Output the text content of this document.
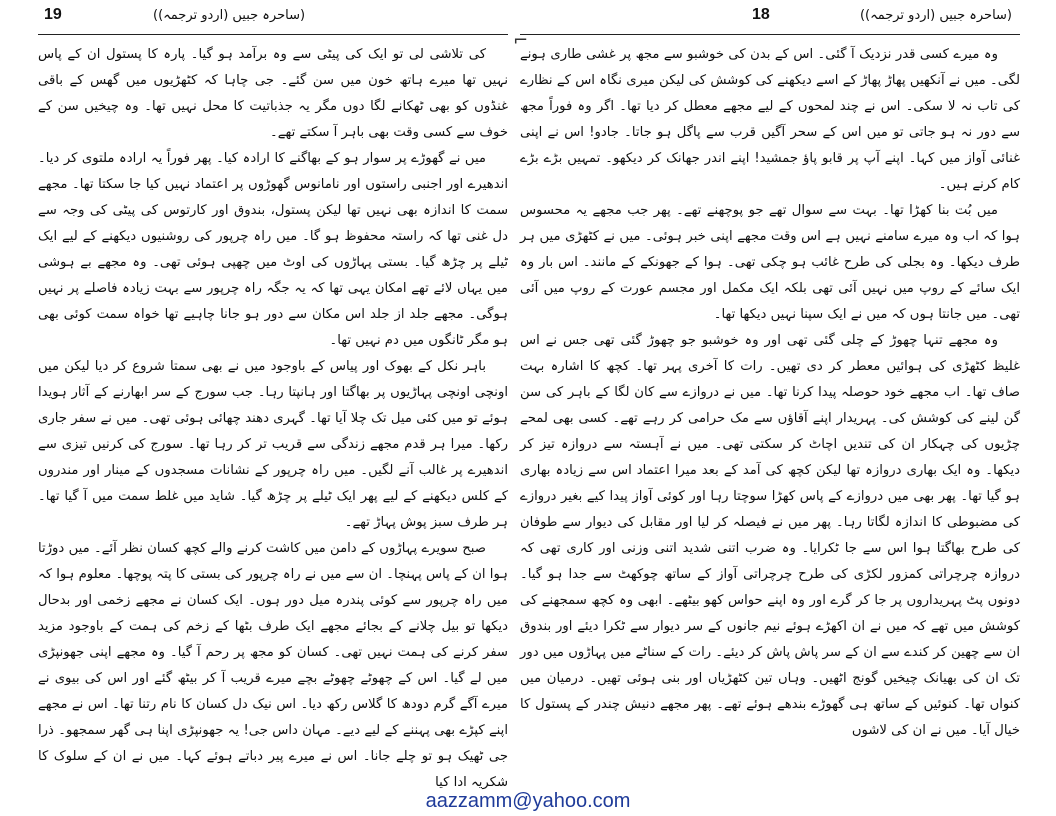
19	(ساحرہ جبیں (اردو ترجمہ))

کی تلاشی لی تو ایک کی پیٹی سے وہ برآمد ہو گیا۔ پارہ کا پستول ان کے پاس نہیں تھا میرے ہاتھ خون میں سن گئے۔ جی چاہا کہ کٹھڑیوں میں گھس کے باقی غنڈوں کو بھی ٹھکانے لگا دوں مگر یہ جذباتیت کا محل نہیں تھا۔ وہ چیخیں سن کے خوف سے کسی وقت بھی باہر آ سکتے تھے۔

میں نے گھوڑے پر سوار ہو کے بھاگنے کا ارادہ کیا۔ پھر فوراً یہ ارادہ ملتوی کر دیا۔ اندھیرے اور اجنبی راستوں اور نامانوس گھوڑوں پر اعتماد نہیں کیا جا سکتا تھا۔ مجھے سمت کا اندازہ بھی نہیں تھا لیکن پستول، بندوق اور کارتوس کی پیٹی کی وجہ سے دل غنی تھا کہ راستہ محفوظ ہو گا۔ میں راہ چرپور کی روشنیوں دیکھنے کے لیے ایک ٹیلے پر چڑھ گیا۔ بستی پہاڑوں کی اوٹ میں چھپی ہوئی تھی۔ وہ مجھے بے ہوشی میں یہاں لائے تھے امکان یہی تھا کہ یہ جگہ راہ چرپور سے بہت زیادہ فاصلے پر نہیں ہوگی۔ مجھے جلد از جلد اس مکان سے دور ہو جانا چاہیے تھا خواہ سمت کوئی بھی ہو مگر ٹانگوں میں دم نہیں تھا۔

باہر نکل کے بھوک اور پیاس کے باوجود میں نے بھی سمتا شروع کر دیا لیکن میں اونچی اونچی پہاڑیوں پر بھاگتا اور ہانپتا رہا۔ جب سورج کے سر ابھارنے کے آثار ہویدا ہوئے تو میں کئی میل تک چلا آیا تھا۔ گہری دھند چھائی ہوئی تھی۔ میں نے سفر جاری رکھا۔ میرا ہر قدم مجھے زندگی سے قریب تر کر رہا تھا۔ سورج کی کرنیں تیزی سے اندھیرے پر غالب آنے لگیں۔ میں راہ چرپور کے نشانات مسجدوں کے مینار اور مندروں کے کلس دیکھنے کے لیے پھر ایک ٹیلے پر چڑھ گیا۔ شاید میں غلط سمت میں آ گیا تھا۔ ہر طرف سبز پوش پہاڑ تھے۔

صبح سویرے پہاڑوں کے دامن میں کاشت کرنے والے کچھ کسان نظر آئے۔ میں دوڑتا ہوا ان کے پاس پہنچا۔ ان سے میں نے راہ چرپور کی بستی کا پتہ پوچھا۔ معلوم ہوا کہ میں راہ چرپور سے کوئی پندرہ میل دور ہوں۔ ایک کسان نے مجھے زخمی اور بدحال دیکھا تو بیل چلانے کے بجائے مجھے ایک طرف بٹھا کے زخم کی ہمت کے باوجود مزید سفر کرنے کی ہمت نہیں تھی۔ کسان کو مجھ پر رحم آ گیا۔ وہ مجھے اپنی جھونپڑی میں لے گیا۔ اس کے چھوٹے چھوٹے بچے میرے قریب آ کر بیٹھ گئے اور اس کی بیوی نے میرے آگے گرم دودھ کا گلاس رکھ دیا۔ اس نیک دل کسان کا نام رتنا تھا۔ اس نے مجھے اپنے کپڑے بھی پہننے کے لیے دیے۔ مہان داس جی! یہ جھونپڑی اپنا ہی گھر سمجھو۔ ذرا جی ٹھیک ہو تو چلے جانا۔ اس نے میرے پیر دباتے ہوئے کہا۔ میں نے ان کے سلوک کا شکریہ ادا کیا

⌐
18	(ساحرہ جبیں (اردو ترجمہ))

وہ میرے کسی قدر نزدیک آ گئی۔ اس کے بدن کی خوشبو سے مجھ پر غشی طاری ہونے لگی۔ میں نے آنکھیں پھاڑ پھاڑ کے اسے دیکھنے کی کوشش کی لیکن میری نگاہ اس کے نظارے کی تاب نہ لا سکی۔ اس نے چند لمحوں کے لیے مجھے معطل کر دیا تھا۔ اگر وہ فوراً مجھ سے دور نہ ہو جاتی تو میں اس کے سحر آگیں قرب سے پاگل ہو جاتا۔ جادو! اس نے اپنی غنائی آواز میں کہا۔ اپنے آپ پر قابو پاؤ جمشید! اپنے اندر جھانک کر دیکھو۔ تمہیں بڑے بڑے کام کرنے ہیں۔

میں بُت بنا کھڑا تھا۔ بہت سے سوال تھے جو پوچھنے تھے۔ پھر جب مجھے یہ محسوس ہوا کہ اب وہ میرے سامنے نہیں ہے اس وقت مجھے اپنی خبر ہوئی۔ میں نے کٹھڑی میں ہر طرف دیکھا۔ وہ بجلی کی طرح غائب ہو چکی تھی۔ ہوا کے جھونکے کے مانند۔ اس بار وہ ایک سائے کے روپ میں نہیں آئی تھی بلکہ ایک مکمل اور مجسم عورت کے روپ میں آئی تھی۔ میں جانتا ہوں کہ میں نے ایک سپنا نہیں دیکھا تھا۔

وہ مجھے تنہا چھوڑ کے چلی گئی تھی اور وہ خوشبو جو چھوڑ گئی تھی جس نے اس غلیظ کٹھڑی کی ہوائیں معطر کر دی تھیں۔ رات کا آخری پہر تھا۔ کچھ کا اشارہ بہت صاف تھا۔ اب مجھے خود حوصلہ پیدا کرنا تھا۔ میں نے دروازے سے کان لگا کے باہر کی سن گن لینے کی کوشش کی۔ پہریدار اپنے آقاؤں سے مک حرامی کر رہے تھے۔ کسی بھی لمحے چڑیوں کی چہکار ان کی تندیں اچاٹ کر سکتی تھی۔ میں نے آہستہ سے دروازہ تیز کر دیکھا۔ وہ ایک بھاری دروازہ تھا لیکن کچھ کی آمد کے بعد میرا اعتماد اس سے زیادہ بھاری ہو گیا تھا۔ پھر بھی میں دروازے کے پاس کھڑا سوچتا رہا اور کوئی آواز پیدا کیے بغیر دروازے کی مضبوطی کا اندازہ لگاتا رہا۔ پھر میں نے فیصلہ کر لیا اور مقابل کی دیوار سے طوفان کی طرح بھاگتا ہوا اس سے جا ٹکرایا۔ وہ ضرب اتنی شدید اتنی وزنی اور کاری تھی کہ دروازہ چرچراتی کمزور لکڑی کی طرح چرچراتی آواز کے ساتھ چوکھٹ سے جدا ہو گیا۔ دونوں پٹ پہریداروں پر جا کر گرے اور وہ اپنے حواس کھو بیٹھے۔ ابھی وہ کچھ سمجھنے کی کوشش میں تھے کہ میں نے ان اکھڑے ہوئے نیم جانوں کے سر دیوار سے ٹکرا دیئے اور بندوق ان سے چھین کر کندے سے ان کے سر پاش پاش کر دیئے۔ رات کے سناٹے میں پہاڑوں میں دور تک ان کی بھیانک چیخیں گونج اٹھیں۔ وہاں تین کٹھڑیاں اور بنی ہوئی تھیں۔ درمیان میں کنواں تھا۔ کنوئیں کے ساتھ ہی گھوڑے بندھے ہوئے تھے۔ پھر مجھے دنیش چندر کے پستول کا خیال آیا۔ میں نے ان کی لاشوں

aazzamm@yahoo.com
